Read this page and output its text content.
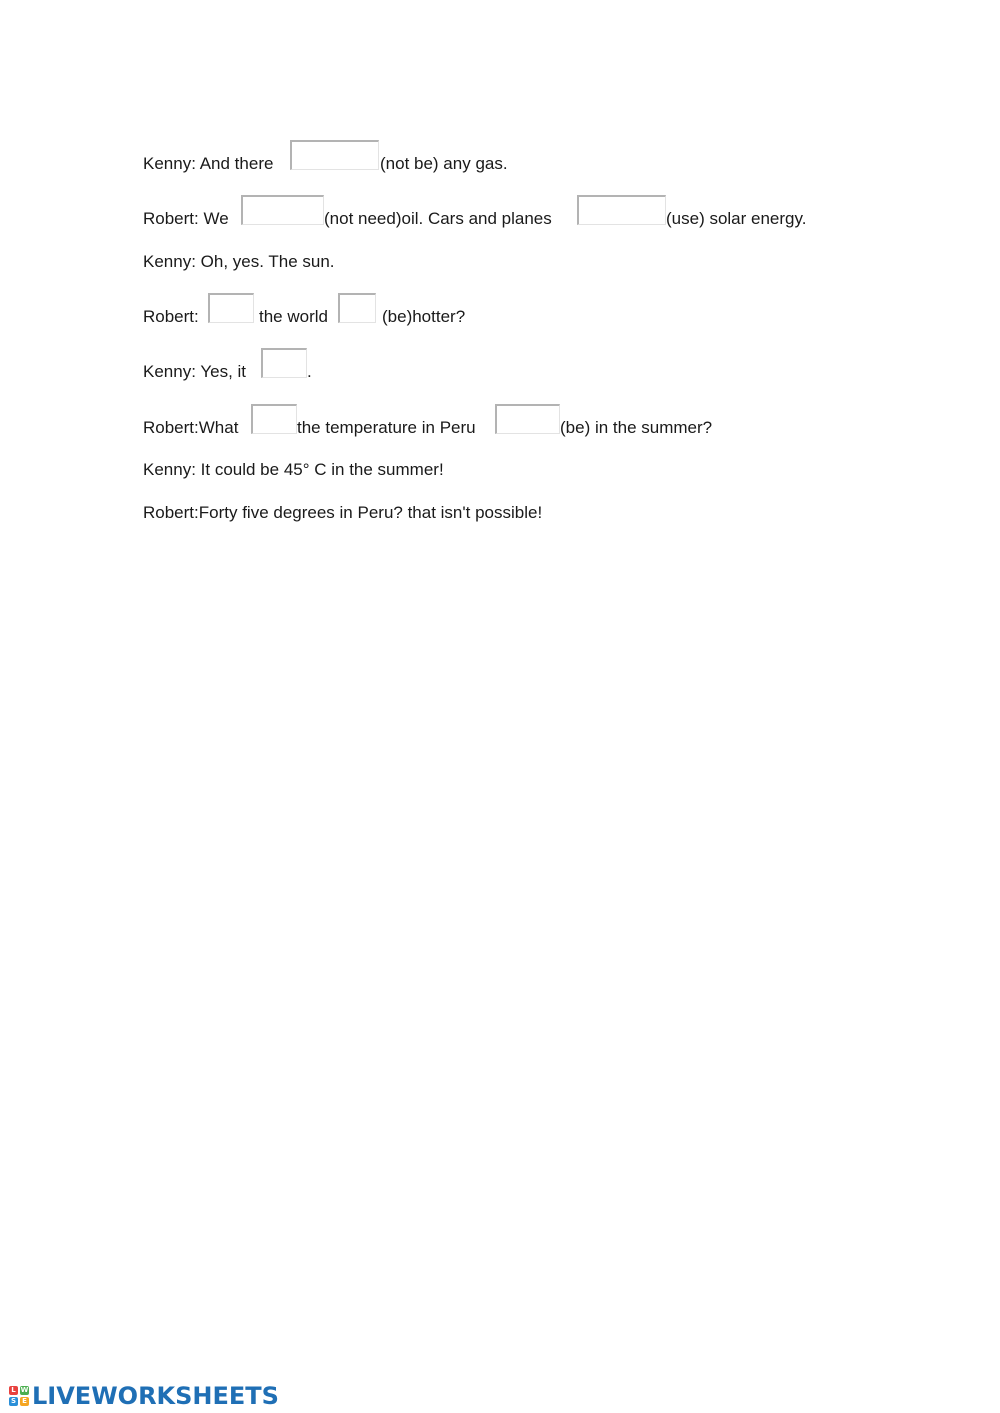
Kenny: And there	(not be) any gas.
Robert: We	(not need)oil. Cars and planes	(use) solar energy.
Kenny: Oh, yes. The sun.
Robert:	the world	(be)hotter?
Kenny: Yes, it	.
Robert:What	the temperature in Peru	(be) in the summer?
Kenny: It could be 45° C in the summer!
Robert:Forty five degrees in Peru? that isn't possible!
L W
S E LIVEWORKSHEETS
